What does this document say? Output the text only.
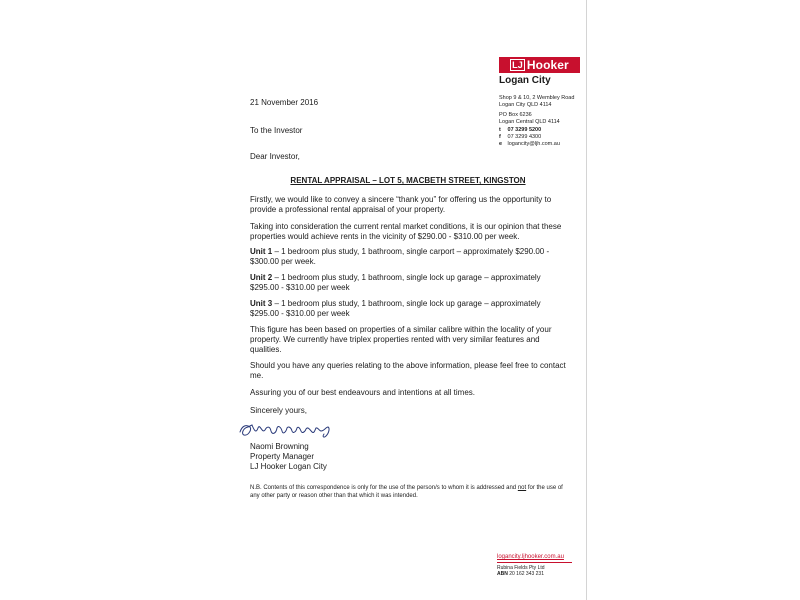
LJ Hooker
Logan City
Shop 9 & 10, 2 Wembley Road
Logan City QLD 4114
PO Box 6236
Logan Central QLD 4114
t 07 3299 5200
f 07 3299 4300
e logancity@ljh.com.au
21 November 2016
To the Investor
Dear Investor,
RENTAL APPRAISAL – LOT 5, MACBETH STREET, KINGSTON
Firstly, we would like to convey a sincere “thank you” for offering us the opportunity to provide a professional rental appraisal of your property.
Taking into consideration the current rental market conditions, it is our opinion that these properties would achieve rents in the vicinity of $290.00 - $310.00 per week.
Unit 1 – 1 bedroom plus study, 1 bathroom, single carport – approximately $290.00 - $300.00 per week.
Unit 2 – 1 bedroom plus study, 1 bathroom, single lock up garage – approximately $295.00 - $310.00 per week
Unit 3 – 1 bedroom plus study, 1 bathroom, single lock up garage – approximately $295.00 - $310.00 per week
This figure has been based on properties of a similar calibre within the locality of your property. We currently have triplex properties rented with very similar features and qualities.
Should you have any queries relating to the above information, please feel free to contact me.
Assuring you of our best endeavours and intentions at all times.
Sincerely yours,
Naomi Browning
Property Manager
LJ Hooker Logan City
N.B. Contents of this correspondence is only for the use of the person/s to whom it is addressed and not for the use of any other party or reason other than that which it was intended.
logancity.ljhooker.com.au
Rubina Fields Pty Ltd
ABN 20 162 343 231
